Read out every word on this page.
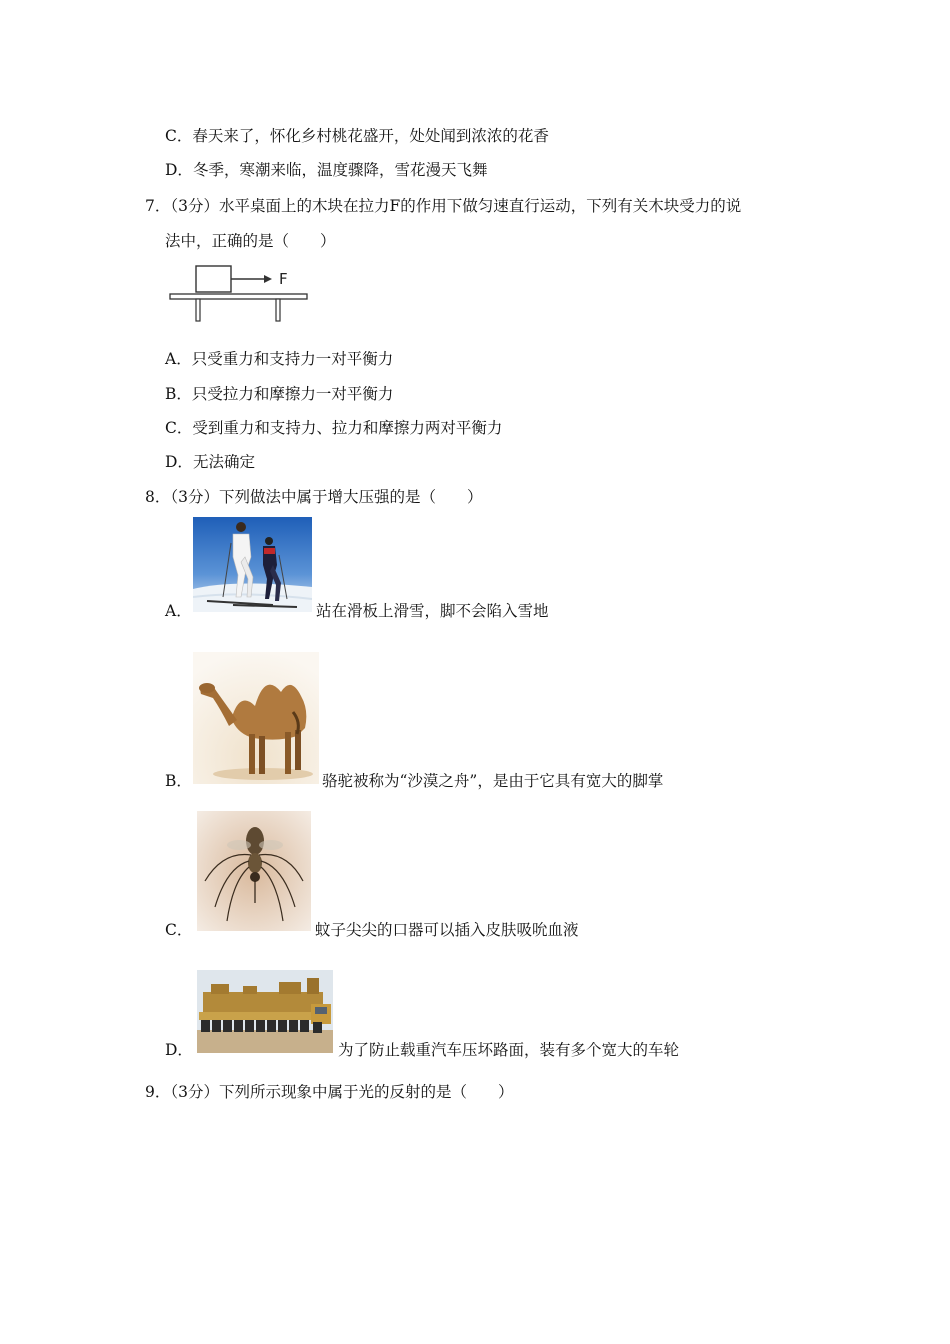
C．春天来了，怀化乡村桃花盛开，处处闻到浓浓的花香
D．冬季，寒潮来临，温度骤降，雪花漫天飞舞
7．（3分）水平桌面上的木块在拉力F的作用下做匀速直行运动，下列有关木块受力的说
法中，正确的是（　　）
F
A．只受重力和支持力一对平衡力
B．只受拉力和摩擦力一对平衡力
C．受到重力和支持力、拉力和摩擦力两对平衡力
D．无法确定
8．（3分）下列做法中属于增大压强的是（　　）
A．	站在滑板上滑雪，脚不会陷入雪地
B．	骆驼被称为“沙漠之舟”，是由于它具有宽大的脚掌
C．	蚊子尖尖的口器可以插入皮肤吸吮血液
D．	为了防止载重汽车压坏路面，装有多个宽大的车轮
9．（3分）下列所示现象中属于光的反射的是（　　）
